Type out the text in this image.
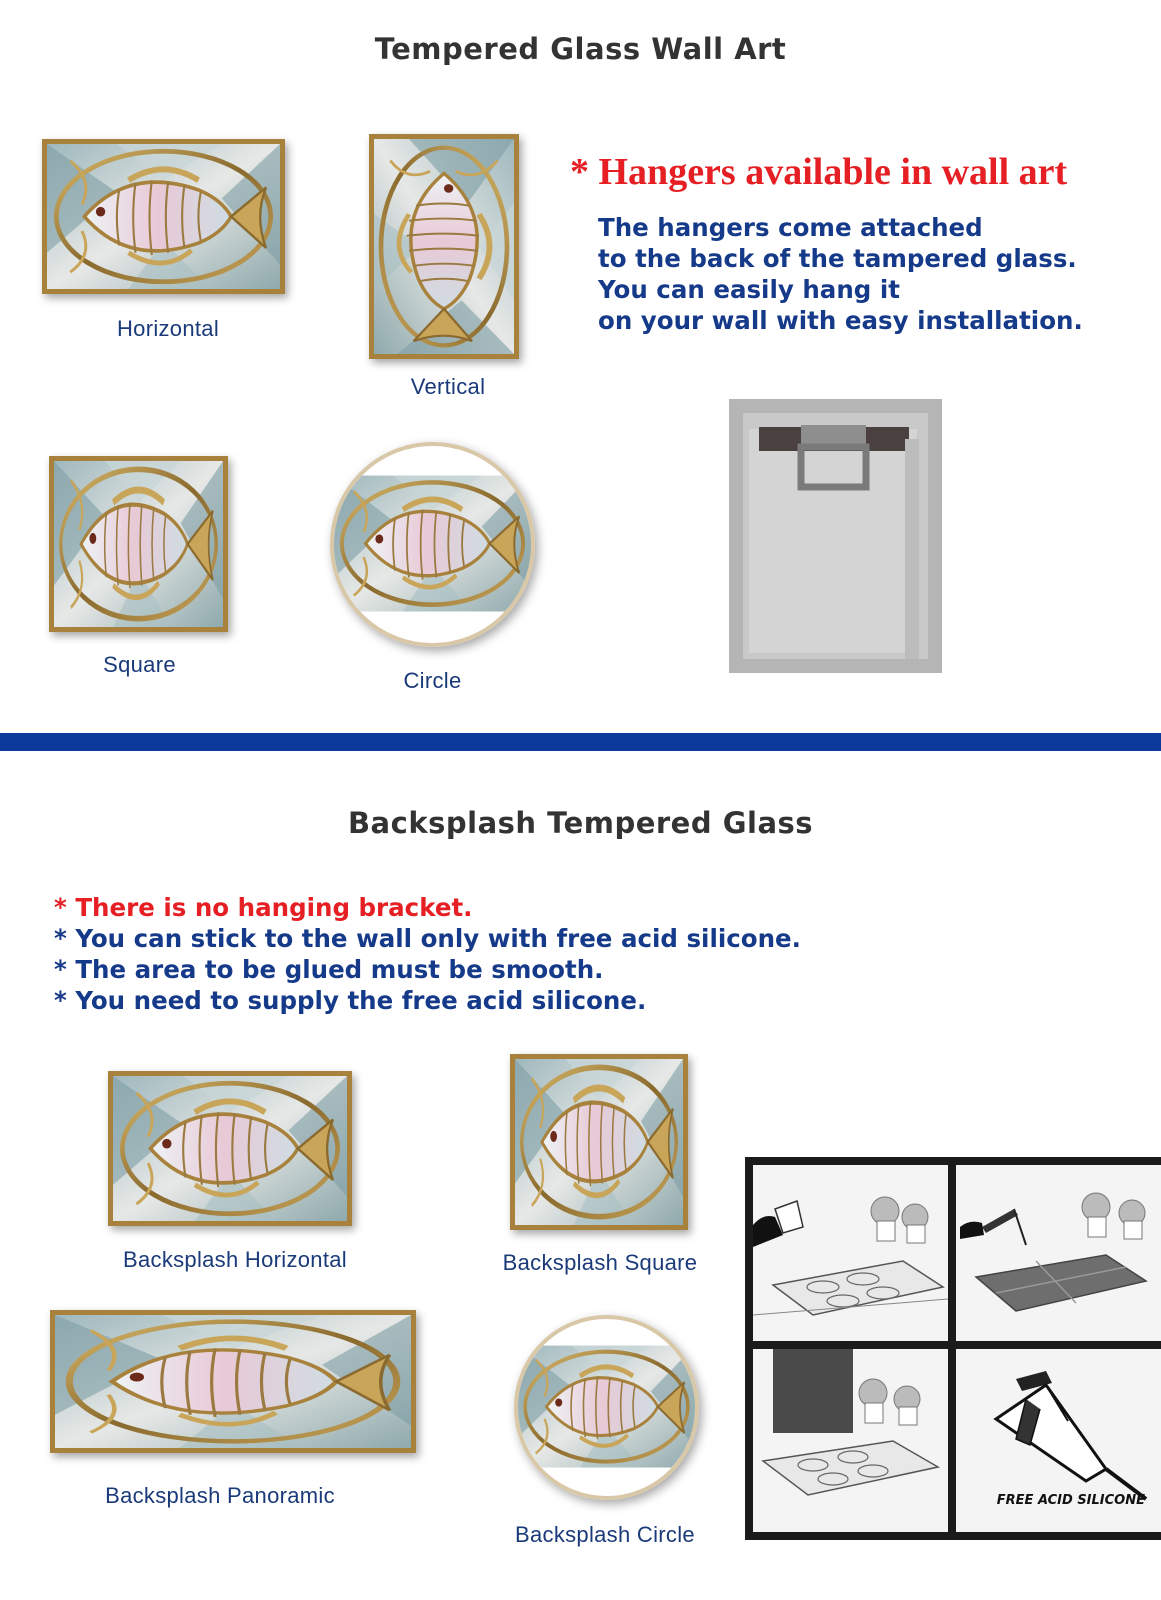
Tempered Glass Wall Art
Horizontal
Vertical
Square
Circle
* Hangers available in wall art
The hangers come attached
to the back of the tampered glass.
You can easily hang it
on your wall with easy installation.
Backsplash Tempered Glass
* There is no hanging bracket.
* You can stick to the wall only with free acid silicone.
* The area to be glued must be smooth.
* You need to supply the free acid silicone.
Backsplash Horizontal	Backsplash Square
Backsplash Panoramic
Backsplash Circle
FREE ACID SILICONE
